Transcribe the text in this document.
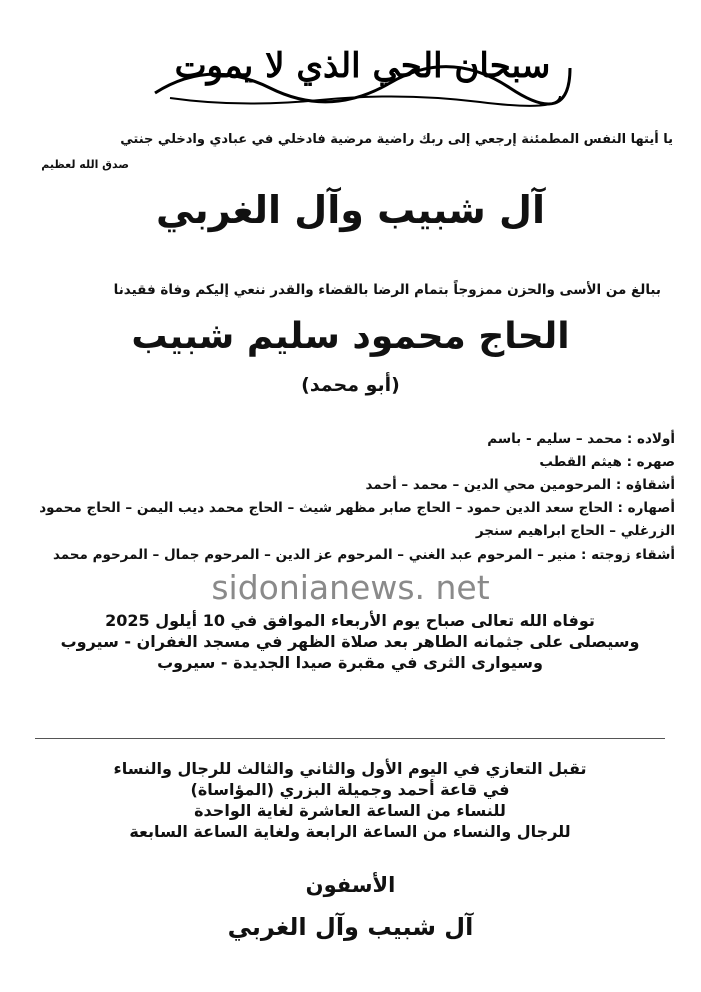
سبحان الحي الذي لا يموت
يا أيتها النفس المطمئنة إرجعي إلى ربك راضية مرضية فادخلي في عبادي وادخلي جنتي
صدق الله لعظيم
آل شبيب وآل الغربي
ببالغ من الأسى والحزن ممزوجاً بتمام الرضا بالقضاء والقدر ننعي إليكم وفاة فقيدنا
الحاج محمود سليم شبيب
(أبو محمد)
أولاده : محمد – سليم - باسم
صهره : هيثم القطب
أشقاؤه : المرحومين محي الدين – محمد – أحمد
أصهاره : الحاج سعد الدين حمود – الحاج صابر مظهر شيث – الحاج محمد ديب اليمن – الحاج محمود الزرغلي – الحاج ابراهيم سنجر
أشقاء زوجته : منير – المرحوم عبد الغني – المرحوم عز الدين – المرحوم جمال – المرحوم محمد
sidonianews. net
توفاه الله تعالى صباح يوم الأربعاء الموافق في 10 أيلول 2025
وسيصلى على جثمانه الطاهر بعد صلاة الظهر في مسجد الغفران - سيروب
وسيوارى الثرى في مقبرة صيدا الجديدة - سيروب
تقبل التعازي في اليوم الأول والثاني والثالث للرجال والنساء
في قاعة أحمد وجميلة البزري (المؤاساة)
للنساء من الساعة العاشرة لغاية الواحدة
للرجال والنساء من الساعة الرابعة ولغاية الساعة السابعة
الأسفون
آل شبيب وآل الغربي
